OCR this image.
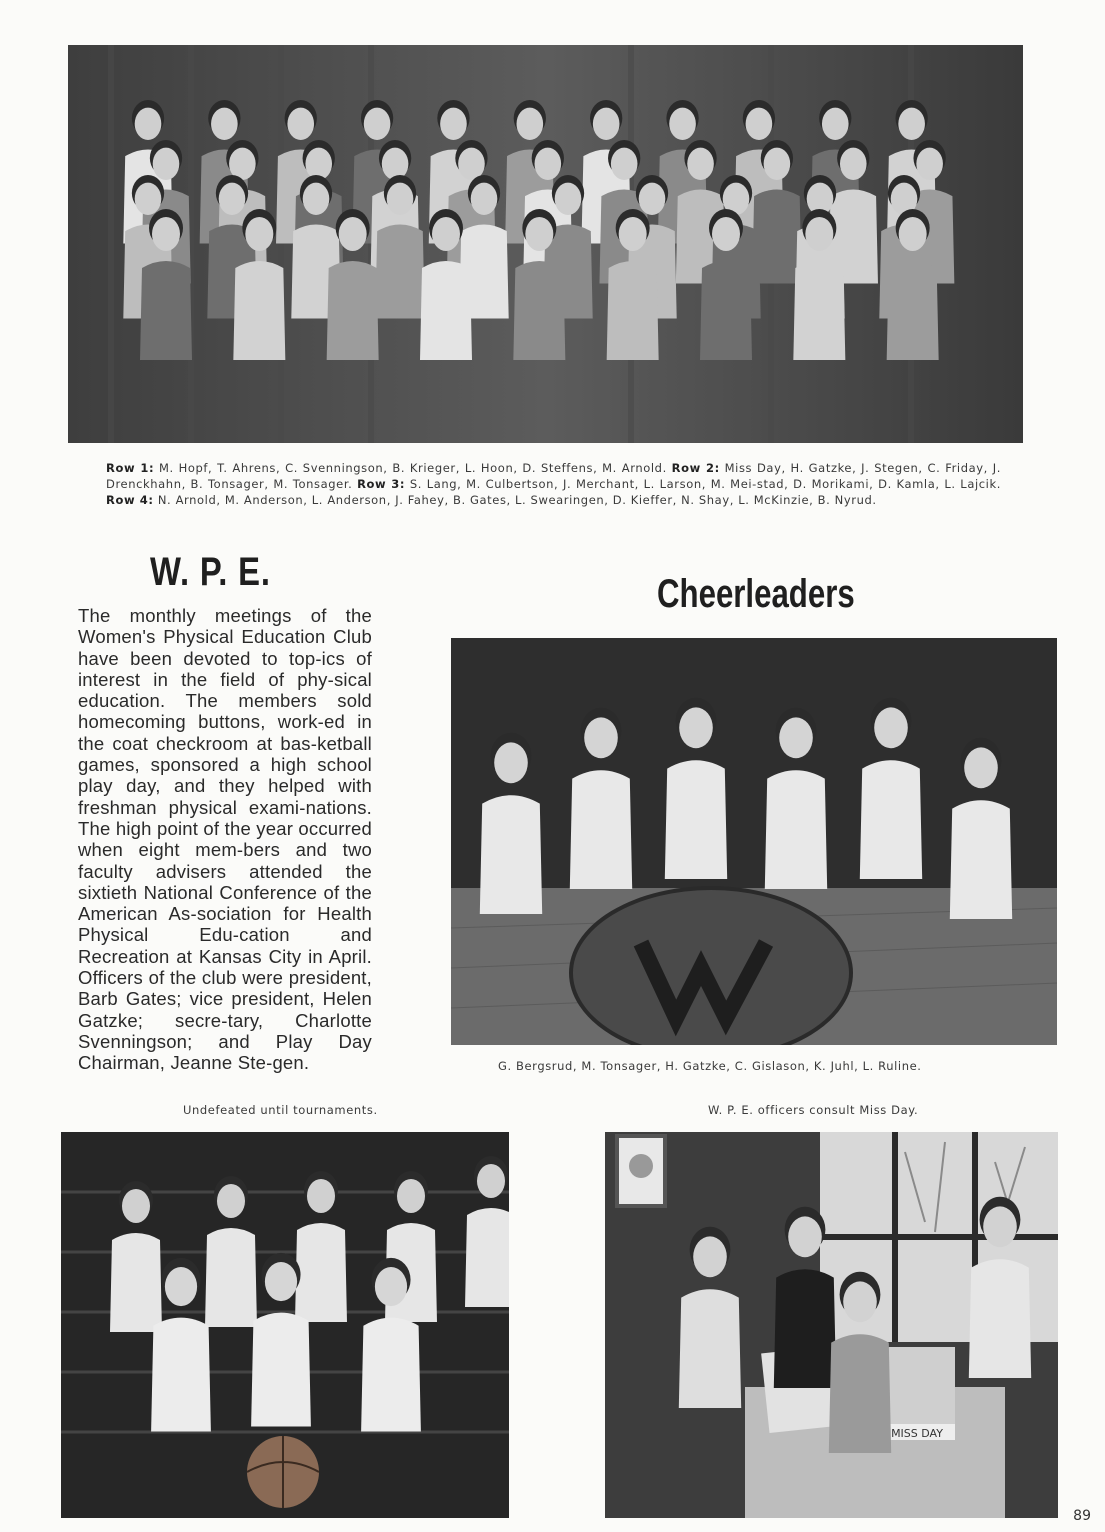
Row 1: M. Hopf, T. Ahrens, C. Svenningson, B. Krieger, L. Hoon, D. Steffens, M. Arnold. Row 2: Miss Day, H. Gatzke, J. Stegen, C. Friday, J. Drenckhahn, B. Tonsager, M. Tonsager. Row 3: S. Lang, M. Culbertson, J. Merchant, L. Larson, M. Mei-stad, D. Morikami, D. Kamla, L. Lajcik. Row 4: N. Arnold, M. Anderson, L. Anderson, J. Fahey, B. Gates, L. Swearingen, D. Kieffer, N. Shay, L. McKinzie, B. Nyrud.
W. P. E.
The monthly meetings of the Women's Physical Education Club have been devoted to top-ics of interest in the field of phy-sical education. The members sold homecoming buttons, work-ed in the coat checkroom at bas-ketball games, sponsored a high school play day, and they helped with freshman physical exami-nations. The high point of the year occurred when eight mem-bers and two faculty advisers attended the sixtieth National Conference of the American As-sociation for Health Physical Edu-cation and Recreation at Kansas City in April. Officers of the club were president, Barb Gates; vice president, Helen Gatzke; secre-tary, Charlotte Svenningson; and Play Day Chairman, Jeanne Ste-gen.
Cheerleaders
G. Bergsrud, M. Tonsager, H. Gatzke, C. Gislason, K. Juhl, L. Ruline.
Undefeated until tournaments.	W. P. E. officers consult Miss Day.
MISS DAY
89
